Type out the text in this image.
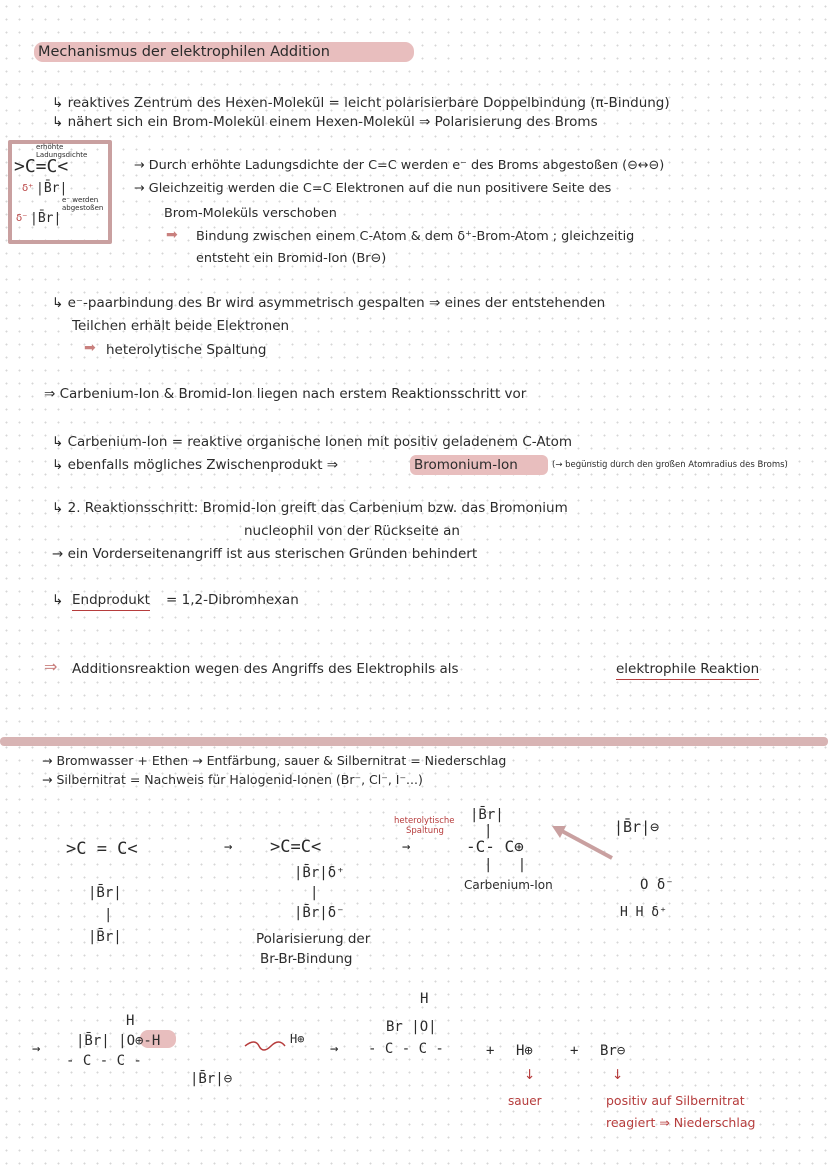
Mechanismus der elektrophilen Addition
erhöhte Ladungsdichte
>C=C<
δ⁺ |B̄r|
δ⁻ |B̄r|
e⁻ werden abgestoßen
↳ reaktives Zentrum des Hexen-Molekül = leicht polarisierbare Doppelbindung (π-Bindung)
↳ nähert sich ein Brom-Molekül einem Hexen-Molekül ⇒ Polarisierung des Broms
→ Durch erhöhte Ladungsdichte der C=C werden e⁻ des Broms abgestoßen (⊖↔⊖)
→ Gleichzeitig werden die C=C Elektronen auf die nun positivere Seite des
Brom-Moleküls verschoben
➡ Bindung zwischen einem C-Atom & dem δ⁺-Brom-Atom ; gleichzeitig
entsteht ein Bromid-Ion (Br⊖)
↳ e⁻-paarbindung des Br wird asymmetrisch gespalten ⇒ eines der entstehenden
Teilchen erhält beide Elektronen
➡ heterolytische Spaltung
⇒ Carbenium-Ion & Bromid-Ion liegen nach erstem Reaktionsschritt vor
↳ Carbenium-Ion = reaktive organische Ionen mit positiv geladenem C-Atom
↳ ebenfalls mögliches Zwischenprodukt ⇒	Bromonium-Ion	(→ begünstig durch den großen Atomradius des Broms)
↳ 2. Reaktionsschritt: Bromid-Ion greift das Carbenium bzw. das Bromonium
nucleophil von der Rückseite an
→ ein Vorderseitenangriff ist aus sterischen Gründen behindert
↳ Endprodukt = 1,2-Dibromhexan
⇒ Additionsreaktion wegen des Angriffs des Elektrophils als	elektrophile Reaktion
→ Bromwasser + Ethen → Entfärbung, sauer & Silbernitrat = Niederschlag
→ Silbernitrat = Nachweis für Halogenid-Ionen (Br⁻, Cl⁻, I⁻...)
>C = C<
|B̄r|
|
|B̄r|
→ >C=C<
|B̄r|δ⁺
|
|B̄r|δ⁻
Polarisierung der
Br-Br-Bindung
heterolytische
Spaltung
→
|B̄r|
|
-C- C⊕
|   |
Carbenium-Ion
|B̄r|⊖
O δ⁻
H H δ⁺
→
H
|B̄r| |O⊕-H
- C - C -
H⊕
|B̄r|⊖
→
H
Br |O|
- C - C -	+ H⊕	+ Br⊖
↓	↓
sauer	positiv auf Silbernitrat
reagiert ⇒ Niederschlag
